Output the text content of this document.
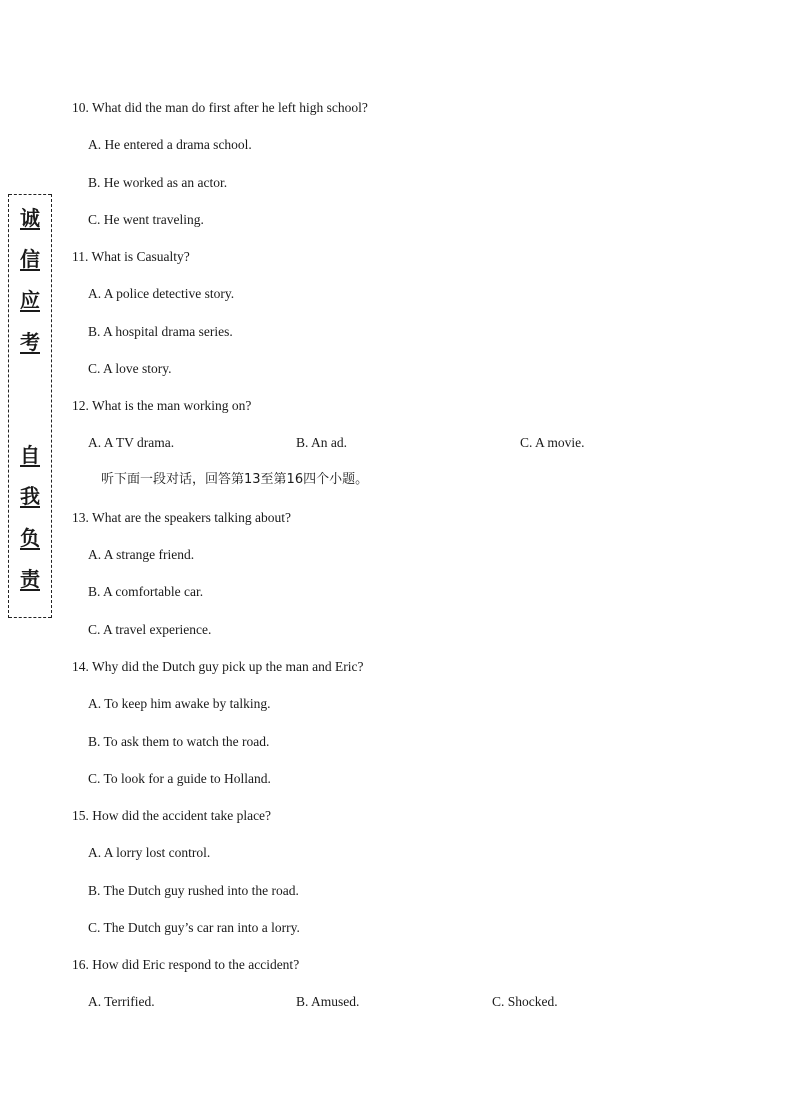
诚
信
应
考
自
我
负
责
10. What did the man do first after he left high school?
A. He entered a drama school.
B. He worked as an actor.
C. He went traveling.
11. What is Casualty?
A. A police detective story.
B. A hospital drama series.
C. A love story.
12. What is the man working on?
A. A TV drama.	B. An ad.	C. A movie.
听下面一段对话，回答第13至第16四个小题。
13. What are the speakers talking about?
A. A strange friend.
B. A comfortable car.
C. A travel experience.
14. Why did the Dutch guy pick up the man and Eric?
A. To keep him awake by talking.
B. To ask them to watch the road.
C. To look for a guide to Holland.
15. How did the accident take place?
A. A lorry lost control.
B. The Dutch guy rushed into the road.
C. The Dutch guy’s car ran into a lorry.
16. How did Eric respond to the accident?
A. Terrified.	B. Amused.	C. Shocked.
